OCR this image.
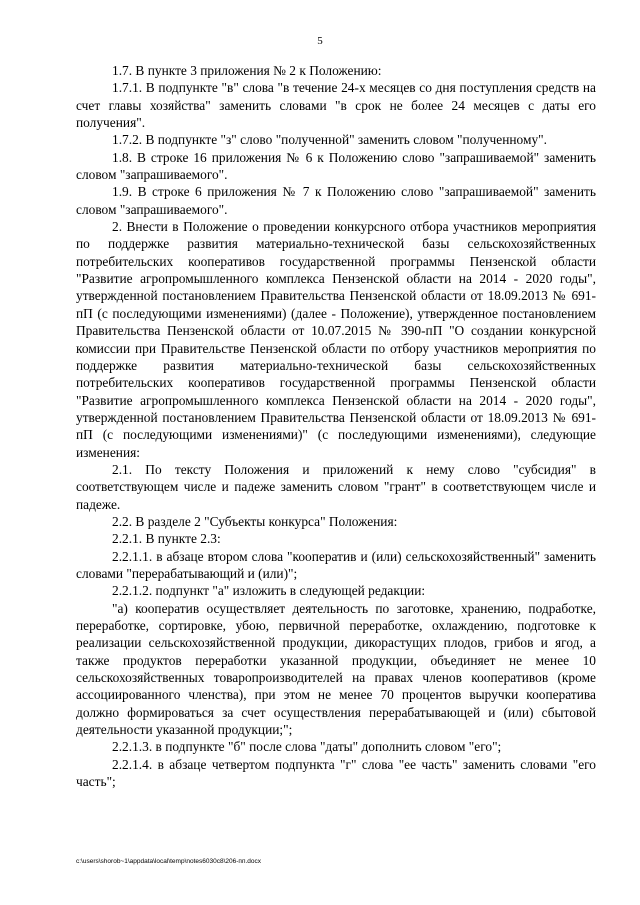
5

1.7. В пункте 3 приложения № 2 к Положению:

1.7.1. В подпункте "в" слова "в течение 24-х месяцев со дня поступления средств на счет главы хозяйства" заменить словами "в срок не более 24 месяцев с даты его получения".

1.7.2. В подпункте "з" слово "полученной" заменить словом "полученному".

1.8. В строке 16 приложения № 6 к Положению слово "запрашиваемой" заменить словом "запрашиваемого".

1.9. В строке 6 приложения № 7 к Положению слово "запрашиваемой" заменить словом "запрашиваемого".

2. Внести в Положение о проведении конкурсного отбора участников мероприятия по поддержке развития материально-технической базы сельскохозяйственных потребительских кооперативов государственной программы Пензенской области "Развитие агропромышленного комплекса Пензенской области на 2014 - 2020 годы", утвержденной постановлением Правительства Пензенской области от 18.09.2013 № 691-пП (с последующими изменениями) (далее - Положение), утвержденное постановлением Правительства Пензенской области от 10.07.2015 № 390-пП "О создании конкурсной комиссии при Правительстве Пензенской области по отбору участников мероприятия по поддержке развития материально-технической базы сельскохозяйственных потребительских кооперативов государственной программы Пензенской области "Развитие агропромышленного комплекса Пензенской области на 2014 - 2020 годы", утвержденной постановлением Правительства Пензенской области от 18.09.2013 № 691-пП (с последующими изменениями)" (с последующими изменениями), следующие изменения:

2.1. По тексту Положения и приложений к нему слово "субсидия" в соответствующем числе и падеже заменить словом "грант" в соответствующем числе и падеже.

2.2. В разделе 2 "Субъекты конкурса" Положения:

2.2.1. В пункте 2.3:

2.2.1.1. в абзаце втором слова "кооператив и (или) сельскохозяйственный" заменить словами "перерабатывающий и (или)";

2.2.1.2. подпункт "а" изложить в следующей редакции:

"а) кооператив осуществляет деятельность по заготовке, хранению, подработке, переработке, сортировке, убою, первичной переработке, охлаждению, подготовке к реализации сельскохозяйственной продукции, дикорастущих плодов, грибов и ягод, а также продуктов переработки указанной продукции, объединяет не менее 10 сельскохозяйственных товаропроизводителей на правах членов кооперативов (кроме ассоциированного членства), при этом не менее 70 процентов выручки кооператива должно формироваться за счет осуществления перерабатывающей и (или) сбытовой деятельности указанной продукции;";

2.2.1.3. в подпункте "б" после слова "даты" дополнить словом "его";

2.2.1.4. в абзаце четвертом подпункта "г" слова "ее часть" заменить словами "его часть";

c:\users\shorob~1\appdata\local\temp\notes6030c8\206-пп.docx
